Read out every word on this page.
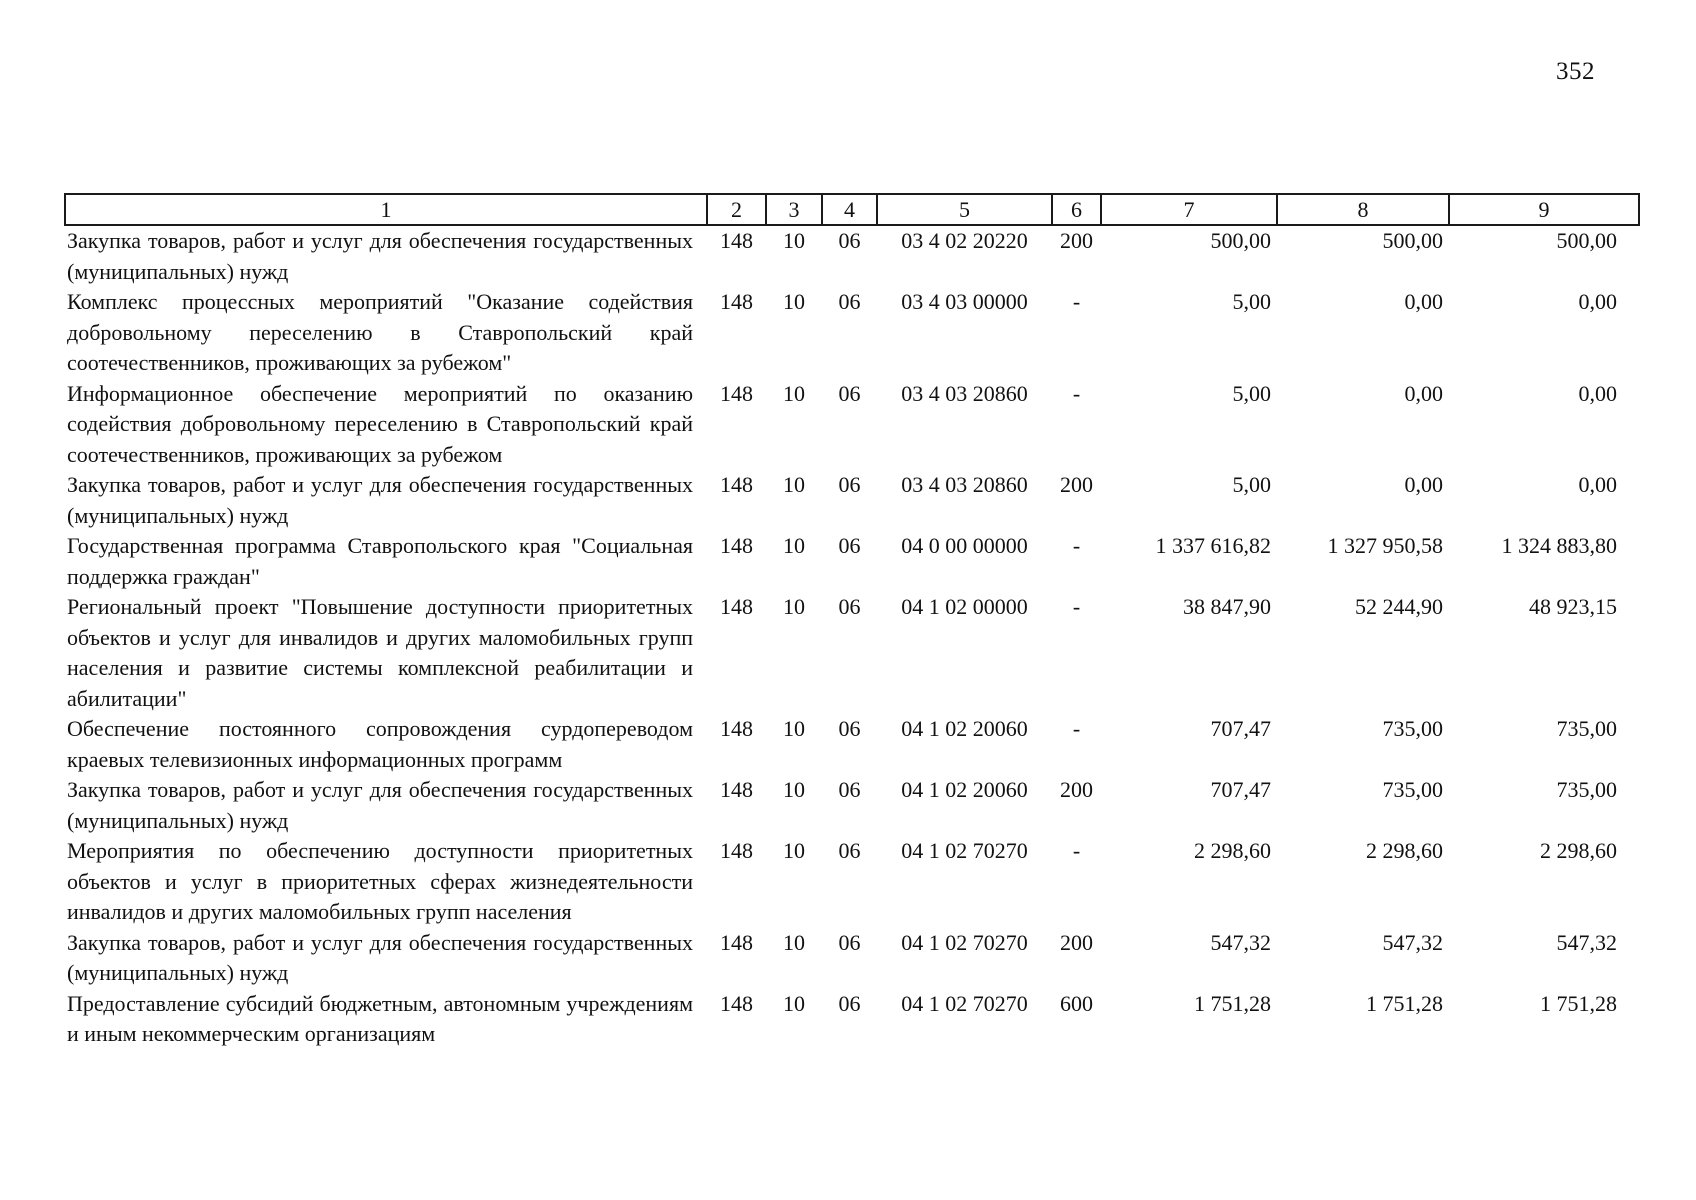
352
1	2	3	4	5	6	7	8	9
Закупка товаров, работ и услуг для обеспечения государственных (муниципальных) нужд	148	10	06	03 4 02 20220	200	500,00	500,00	500,00
Комплекс процессных мероприятий "Оказание содействия добровольному переселению в Ставропольский край соотечественников, проживающих за рубежом"	148	10	06	03 4 03 00000	-	5,00	0,00	0,00
Информационное обеспечение мероприятий по оказанию содействия добровольному переселению в Ставропольский край соотечественников, проживающих за рубежом	148	10	06	03 4 03 20860	-	5,00	0,00	0,00
Закупка товаров, работ и услуг для обеспечения государственных (муниципальных) нужд	148	10	06	03 4 03 20860	200	5,00	0,00	0,00
Государственная программа Ставропольского края "Социальная поддержка граждан"	148	10	06	04 0 00 00000	-	1 337 616,82	1 327 950,58	1 324 883,80
Региональный проект "Повышение доступности приоритетных объектов и услуг для инвалидов и других маломобильных групп населения и развитие системы комплексной реабилитации и абилитации"	148	10	06	04 1 02 00000	-	38 847,90	52 244,90	48 923,15
Обеспечение постоянного сопровождения сурдопереводом краевых телевизионных информационных программ	148	10	06	04 1 02 20060	-	707,47	735,00	735,00
Закупка товаров, работ и услуг для обеспечения государственных (муниципальных) нужд	148	10	06	04 1 02 20060	200	707,47	735,00	735,00
Мероприятия по обеспечению доступности приоритетных объектов и услуг в приоритетных сферах жизнедеятельности инвалидов и других маломобильных групп населения	148	10	06	04 1 02 70270	-	2 298,60	2 298,60	2 298,60
Закупка товаров, работ и услуг для обеспечения государственных (муниципальных) нужд	148	10	06	04 1 02 70270	200	547,32	547,32	547,32
Предоставление субсидий бюджетным, автономным учреждениям и иным некоммерческим организациям	148	10	06	04 1 02 70270	600	1 751,28	1 751,28	1 751,28
